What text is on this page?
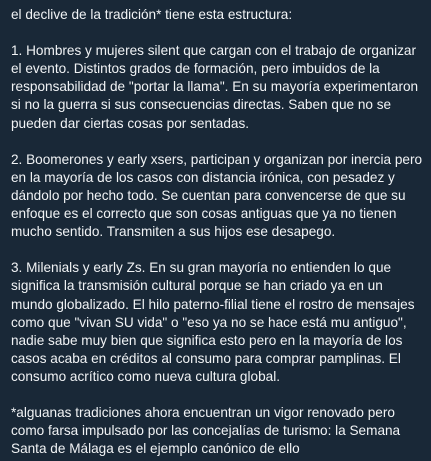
el declive de la tradición* tiene esta estructura:

1. Hombres y mujeres silent que cargan con el trabajo de organizar el evento. Distintos grados de formación, pero imbuidos de la responsabilidad de "portar la llama". En su mayoría experimentaron si no la guerra si sus consecuencias directas. Saben que no se pueden dar ciertas cosas por sentadas.

2. Boomerones y early xsers, participan y organizan por inercia pero en la mayoría de los casos con distancia irónica, con pesadez y dándolo por hecho todo. Se cuentan para convencerse de que su enfoque es el correcto que son cosas antiguas que ya no tienen mucho sentido. Transmiten a sus hijos ese desapego.

3. Milenials y early Zs. En su gran mayoría no entienden lo que significa la transmisión cultural porque se han criado ya en un mundo globalizado. El hilo paterno-filial tiene el rostro de mensajes como que "vivan SU vida" o "eso ya no se hace está mu antiguo", nadie sabe muy bien que significa esto pero en la mayoría de los casos acaba en créditos al consumo para comprar pamplinas. El consumo acrítico como nueva cultura global.

*alguanas tradiciones ahora encuentran un vigor renovado pero como farsa impulsado por las concejalías de turismo: la Semana Santa de Málaga es el ejemplo canónico de ello
